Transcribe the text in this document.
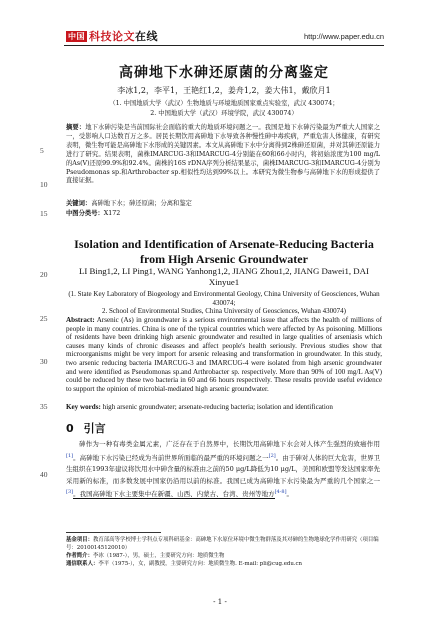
中国 科技论文在线	http://www.paper.edu.cn
5
10
15
20
25
30
35
40
高砷地下水砷还原菌的分离鉴定
李冰1,2，李平1，王艳红1,2，姜舟1,2，姜大伟1，戴欣月1
（1. 中国地质大学（武汉）生物地质与环境地质国家重点实验室，武汉 430074；
2. 中国地质大学（武汉）环境学院，武汉 430074）
摘要：地下水砷污染是当前国际社会面临的重大的地质环境问题之一。我国是地下水砷污染最为严重大人国家之一，受影响人口达数百万之多。居民长期饮用高砷地下水导致各种慢性砷中毒疾病，严重危害人体健康，有研究表明，微生物可能是高砷地下水形成的关键因素。本文从高砷地下水中分离得到2株砷还原菌，并对其砷还原能力进行了研究。结果表明，菌株IMARCUG-3和IMARCUG-4分别能在60和66小时内，将初始浓度为100 mg/L的As(V)还原99.9%和92.4%。菌株的16S rDNA序列分析结果显示，菌株IMARCUG-3和IMARCUG-4分别为Pseudomonas sp.和Arthrobacter sp.相似性均达到99%以上。本研究为微生物参与高砷地下水的形成提供了直接证据。
关键词：高砷地下水；砷还原菌；分离和鉴定
中图分类号：X172
Isolation and Identification of Arsenate-Reducing Bacteria
from High Arsenic Groundwater
LI Bing1,2, LI Ping1, WANG Yanhong1,2, JIANG Zhou1,2, JIANG Dawei1, DAI Xinyue1
(1. State Key Laboratory of Biogeology and Environmental Geology, China University of Geosciences, Wuhan 430074;
2. School of Environmental Studies, China University of Geosciences, Wuhan 430074)
Abstract: Arsenic (As) in groundwater is a serious environmental issue that affects the health of millions of people in many countries. China is one of the typical countries which were affected by As poisoning. Millions of residents have been drinking high arsenic groundwater and resulted in large qualities of arseniasis which causes many kinds of chronic diseases and affect people's health seriously. Previous studies show that microorganisms might be very import for arsenic releasing and transformation in groundwater. In this study, two arsenic reducing bacteria IMARCUG-3 and IMARCUG-4 were isolated from high arsenic groundwater and were identified as Pseudomonas sp.and Arthrobacter sp. respectively. More than 90% of 100 mg/L As(V) could be reduced by these two bacteria in 60 and 66 hours respectively. These results provide useful evidence to support the opinion of microbial-mediated high arsenic groundwater.
Key words: high arsenic groundwater; arsenate-reducing bacteria; isolation and identification
0 引言
砷作为一种有毒类金属元素，广泛存在于自然界中，长期饮用高砷地下水会对人体产生强烈的致癌作用[1]。高砷地下水污染已经成为当前世界所面临的最严重的环境问题之一[2]。由于砷对人体的巨大危害，世界卫生组织在1993年建议将饮用水中砷含量的标准由之前的50 μg/L降低为10 μg/L，美国和欧盟等发达国家率先采用新的标准，而多数发展中国家仍沿用以前的标准。我国已成为高砷地下水污染最为严重的几个国家之一[3]。我国高砷地下水主要集中在新疆、山西、内蒙古、台湾、贵州等地方[4-8]。
基金项目：教育部高等学校博士学科点专项科研基金：高砷地下水原位环境中微生物群落及其对砷的生物地球化学作用研究（项目编号：20100145120010）
作者简介：李冰（1987-），男，硕士，主要研究方向：地质微生物
通信联系人：李平（1975-），女，副教授，主要研究方向：地质微生物. E-mail: pli@cug.edu.cn
- 1 -
